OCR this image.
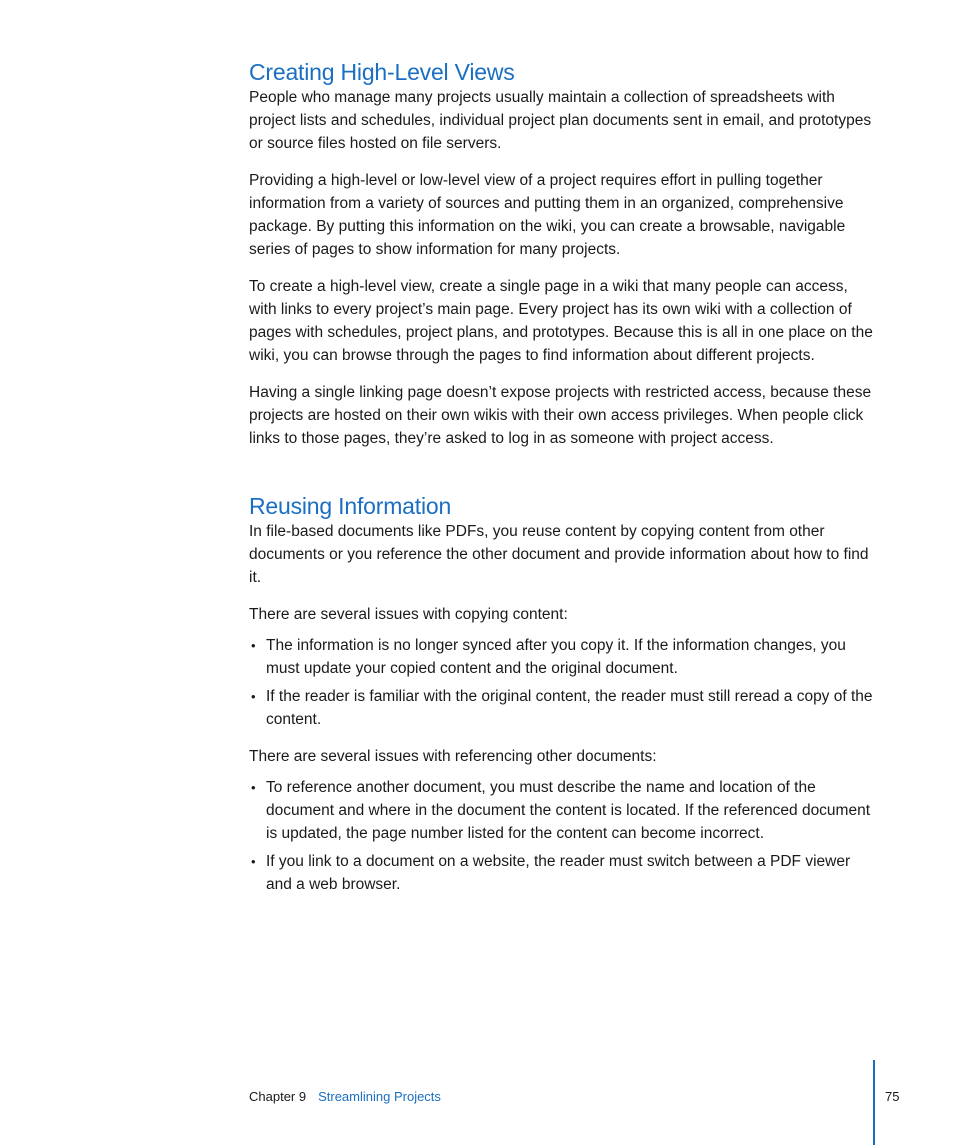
Creating High-Level Views

People who manage many projects usually maintain a collection of spreadsheets with project lists and schedules, individual project plan documents sent in email, and prototypes or source files hosted on file servers.

Providing a high-level or low-level view of a project requires effort in pulling together information from a variety of sources and putting them in an organized, comprehensive package. By putting this information on the wiki, you can create a browsable, navigable series of pages to show information for many projects.

To create a high-level view, create a single page in a wiki that many people can access, with links to every project’s main page. Every project has its own wiki with a collection of pages with schedules, project plans, and prototypes. Because this is all in one place on the wiki, you can browse through the pages to find information about different projects.

Having a single linking page doesn’t expose projects with restricted access, because these projects are hosted on their own wikis with their own access privileges. When people click links to those pages, they’re asked to log in as someone with project access.

Reusing Information

In file-based documents like PDFs, you reuse content by copying content from other documents or you reference the other document and provide information about how to find it.

There are several issues with copying content:

• The information is no longer synced after you copy it. If the information changes, you must update your copied content and the original document.
• If the reader is familiar with the original content, the reader must still reread a copy of the content.

There are several issues with referencing other documents:

• To reference another document, you must describe the name and location of the document and where in the document the content is located. If the referenced document is updated, the page number listed for the content can become incorrect.
• If you link to a document on a website, the reader must switch between a PDF viewer and a web browser.
Chapter 9 Streamlining Projects	75
